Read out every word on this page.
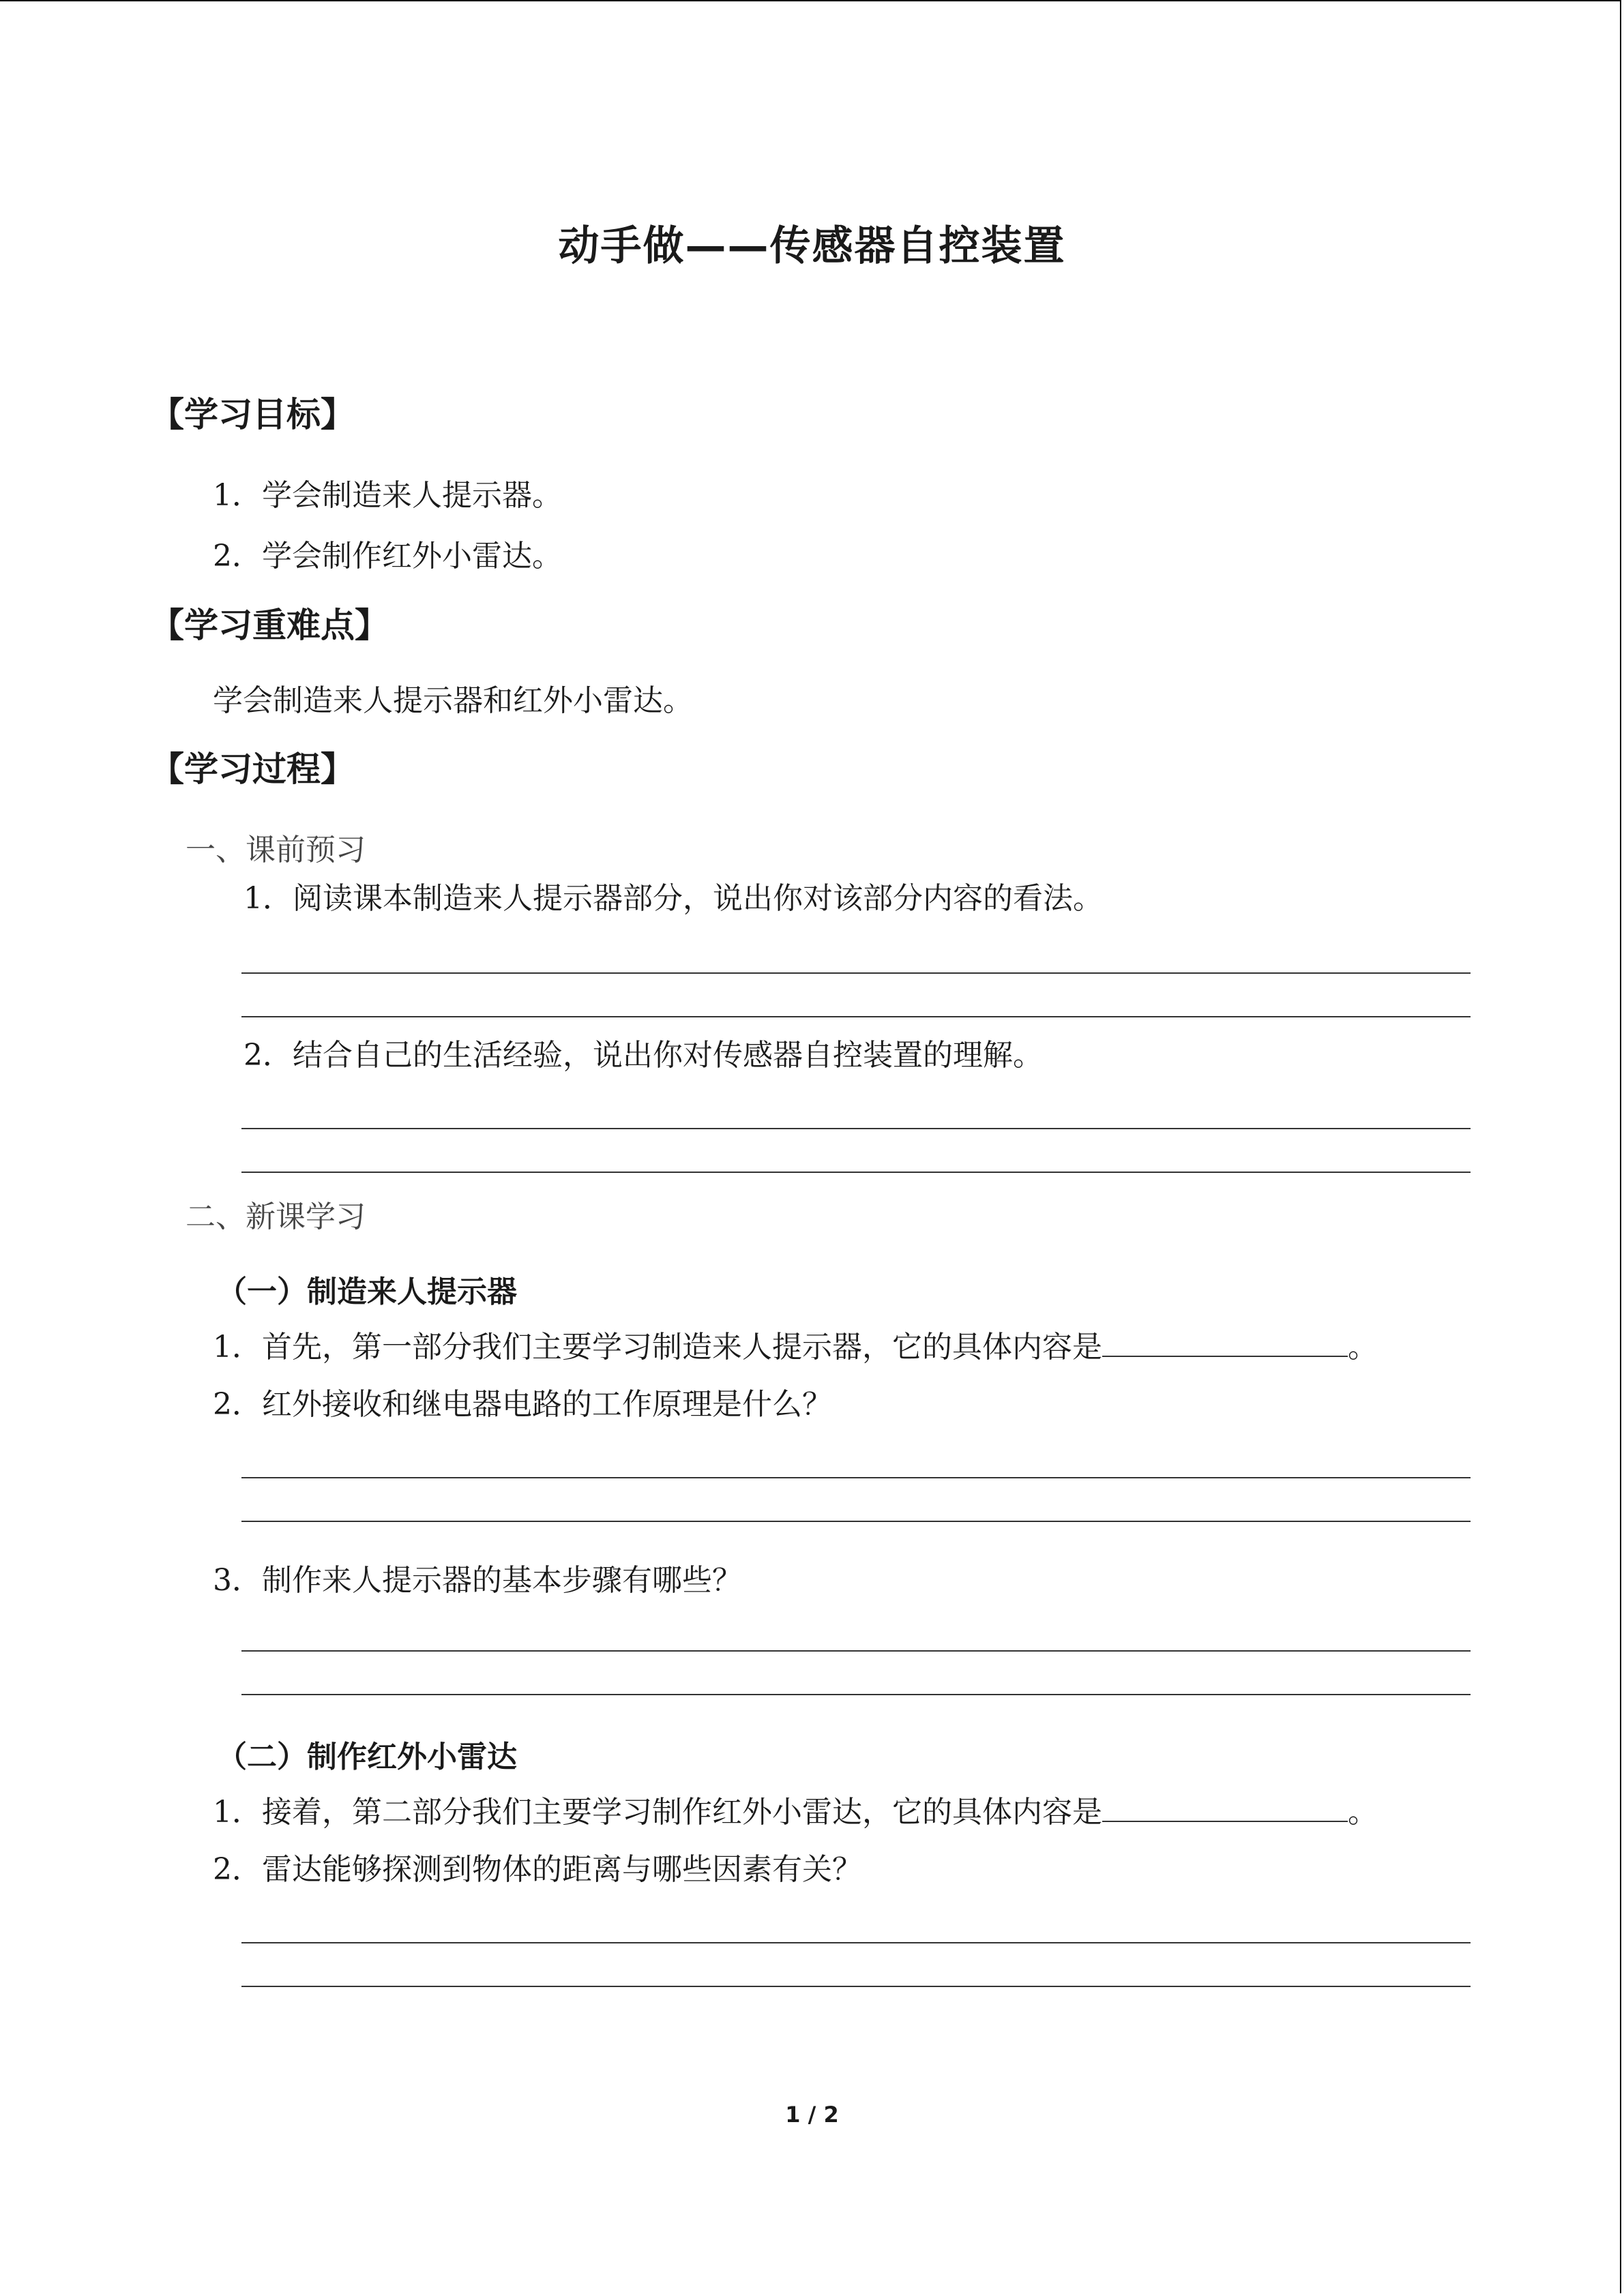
动手做——传感器自控装置
【学习目标】
1．学会制造来人提示器。
2．学会制作红外小雷达。
【学习重难点】
学会制造来人提示器和红外小雷达。
【学习过程】
一、课前预习
1．阅读课本制造来人提示器部分，说出你对该部分内容的看法。
2．结合自己的生活经验，说出你对传感器自控装置的理解。
二、新课学习
（一）制造来人提示器
1．首先，第一部分我们主要学习制造来人提示器，它的具体内容是	。
2．红外接收和继电器电路的工作原理是什么？
3．制作来人提示器的基本步骤有哪些？
（二）制作红外小雷达
1．接着，第二部分我们主要学习制作红外小雷达，它的具体内容是	。
2．雷达能够探测到物体的距离与哪些因素有关？
1 / 2
